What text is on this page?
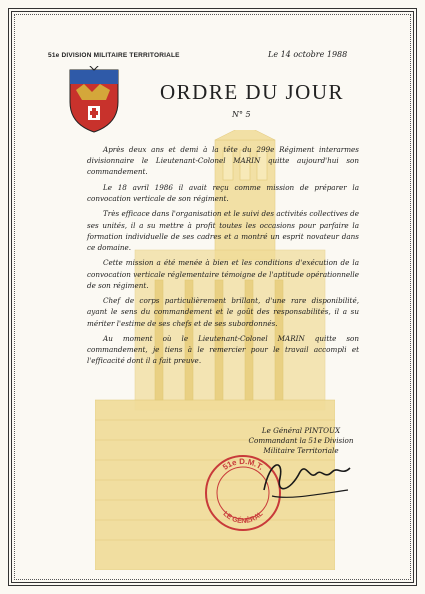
51e DIVISION MILITAIRE TERRITORIALE	Le 14 octobre 1988
ORDRE DU JOUR
N° 5

Après deux ans et demi à la tête du 299e Régiment interarmes divisionnaire le Lieutenant-Colonel MARIN quitte aujourd'hui son commandement.

Le 18 avril 1986 il avait reçu comme mission de préparer la convocation verticale de son régiment.

Très efficace dans l'organisation et le suivi des activités collectives de ses unités, il a su mettre à profit toutes les occasions pour parfaire la formation individuelle de ses cadres et a montré un esprit novateur dans ce domaine.

Cette mission a été menée à bien et les conditions d'exécution de la convocation verticale réglementaire témoigne de l'aptitude opérationnelle de son régiment.

Chef de corps particulièrement brillant, d'une rare disponibilité, ayant le sens du commandement et le goût des responsabilités, il a su mériter l'estime de ses chefs et de ses subordonnés.

Au moment où le Lieutenant-Colonel MARIN quitte son commandement, je tiens à le remercier pour le travail accompli et l'efficacité dont il a fait preuve.

Le Général PINTOUX
Commandant la 51e Division
Militaire Territoriale
51e D.M.T.
LE GÉNÉRAL
